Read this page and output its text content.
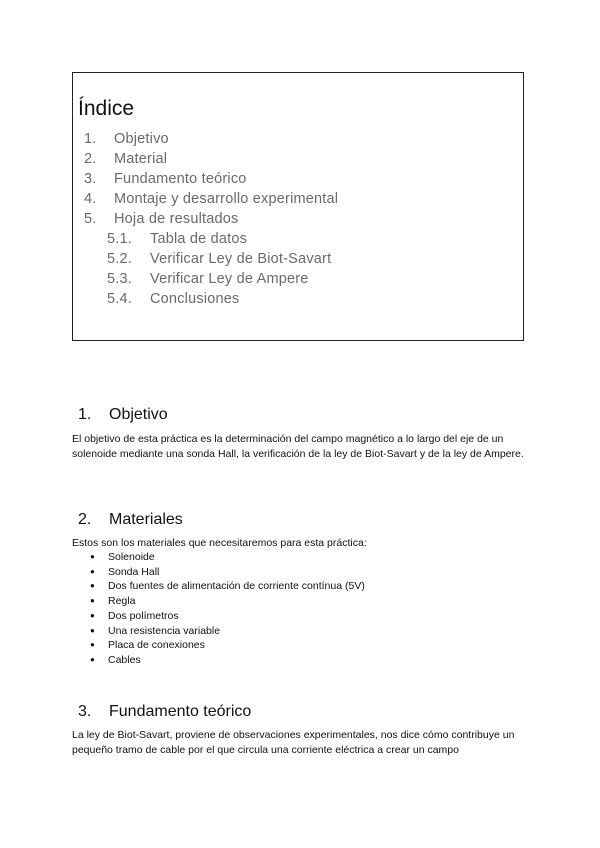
Índice
1. Objetivo
2. Material
3. Fundamento teórico
4. Montaje y desarrollo experimental
5. Hoja de resultados
5.1. Tabla de datos
5.2. Verificar Ley de Biot-Savart
5.3. Verificar Ley de Ampere
5.4. Conclusiones
1. Objetivo

El objetivo de esta práctica es la determinación del campo magnético a lo largo del eje de un solenoide mediante una sonda Hall, la verificación de la ley de Biot-Savart y de la ley de Ampere.

2. Materiales

Estos son los materiales que necesitaremos para esta práctica:

● Solenoide
● Sonda Hall
● Dos fuentes de alimentación de corriente contínua (5V)
● Regla
● Dos polímetros
● Una resistencia variable
● Placa de conexiones
● Cables
3. Fundamento teórico

La ley de Biot-Savart, proviene de observaciones experimentales, nos dice cómo contribuye un pequeño tramo de cable por el que circula una corriente eléctrica a crear un campo
